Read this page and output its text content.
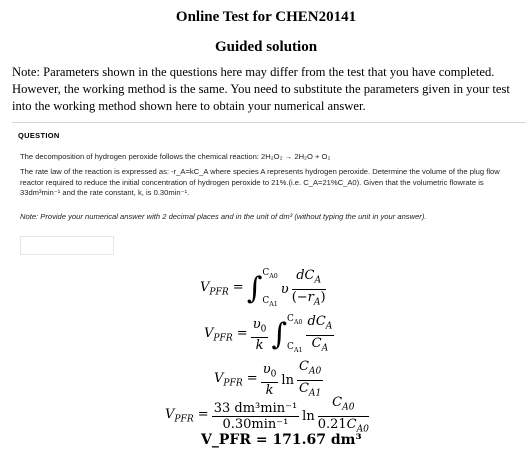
Online Test for CHEN20141
Guided solution
Note: Parameters shown in the questions here may differ from the test that you have completed. However, the working method is the same. You need to substitute the parameters given in your test into the working method shown here to obtain your numerical answer.
QUESTION
The decomposition of hydrogen peroxide follows the chemical reaction: 2H₂O₂ → 2H₂O + O₂
The rate law of the reaction is expressed as: -r_A=kC_A where species A represents hydrogen peroxide. Determine the volume of the plug flow reactor required to reduce the initial concentration of hydrogen peroxide to 21%.(i.e. C_A=21%C_A0). Given that the volumetric flowrate is 33dm³min⁻¹ and the rate constant, k, is 0.30min⁻¹.
Note: Provide your numerical answer with 2 decimal places and in the unit of dm³ (without typing the unit in your answer).
$V_{PFR}$ = ∫ $C_{A0}$
$C_{A1}$
υ $\frac{dC_A}{(-r_A)}$
$V_{PFR} = \frac{\upsilon_0}{k}$ ∫ $C_{A0}$
$C_{A1} \frac{dC_A}{C_A}$
$V_{PFR} = \frac{\upsilon_0}{k}$ $\ln \frac{C_{A0}}{C_{A1}}$
$V_{PFR} = \frac{\text{33 dm³min⁻¹}}{\text{0.30min⁻¹}}$ $\ln \frac{C_{A0}}{0.21C_{A0}}$
V_PFR = 171.67 dm³
